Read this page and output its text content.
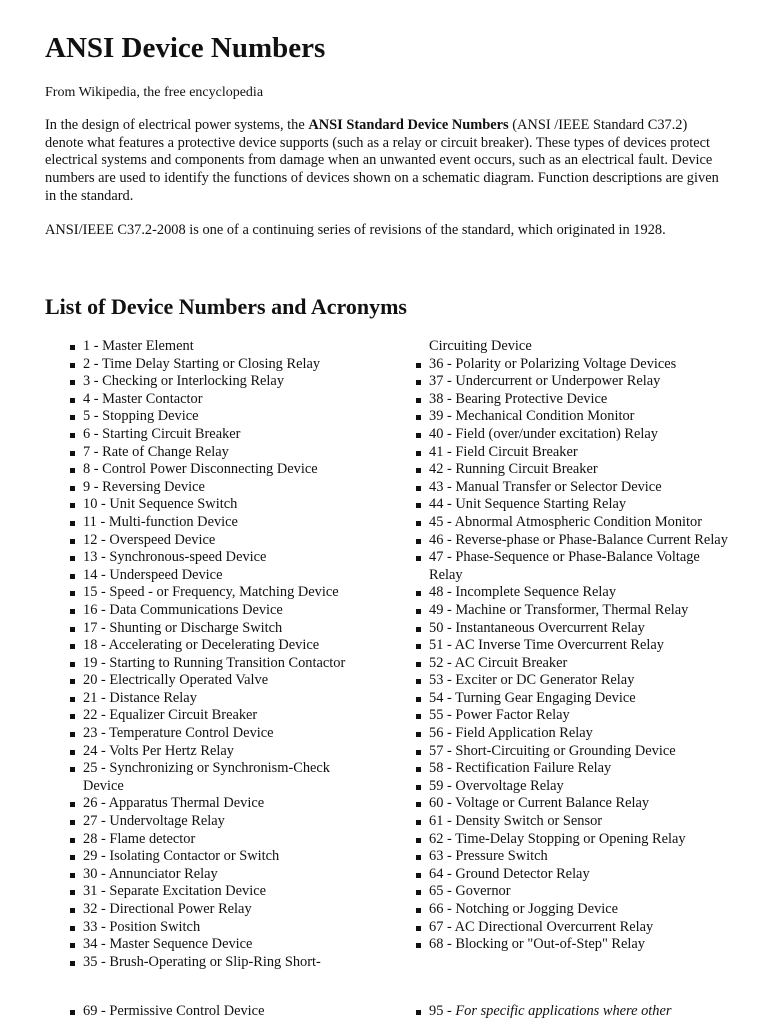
ANSI Device Numbers

From Wikipedia, the free encyclopedia

In the design of electrical power systems, the ANSI Standard Device Numbers (ANSI /IEEE Standard C37.2) denote what features a protective device supports (such as a relay or circuit breaker). These types of devices protect electrical systems and components from damage when an unwanted event occurs, such as an electrical fault. Device numbers are used to identify the functions of devices shown on a schematic diagram. Function descriptions are given in the standard.

ANSI/IEEE C37.2-2008 is one of a continuing series of revisions of the standard, which originated in 1928.

List of Device Numbers and Acronyms
1 - Master Element
2 - Time Delay Starting or Closing Relay
3 - Checking or Interlocking Relay
4 - Master Contactor
5 - Stopping Device
6 - Starting Circuit Breaker
7 - Rate of Change Relay
8 - Control Power Disconnecting Device
9 - Reversing Device
10 - Unit Sequence Switch
11 - Multi-function Device
12 - Overspeed Device
13 - Synchronous-speed Device
14 - Underspeed Device
15 - Speed - or Frequency, Matching Device
16 - Data Communications Device
17 - Shunting or Discharge Switch
18 - Accelerating or Decelerating Device
19 - Starting to Running Transition Contactor
20 - Electrically Operated Valve
21 - Distance Relay
22 - Equalizer Circuit Breaker
23 - Temperature Control Device
24 - Volts Per Hertz Relay
25 - Synchronizing or Synchronism-Check Device
26 - Apparatus Thermal Device
27 - Undervoltage Relay
28 - Flame detector
29 - Isolating Contactor or Switch
30 - Annunciator Relay
31 - Separate Excitation Device
32 - Directional Power Relay
33 - Position Switch
34 - Master Sequence Device
35 - Brush-Operating or Slip-Ring Short-
Circuiting Device
36 - Polarity or Polarizing Voltage Devices
37 - Undercurrent or Underpower Relay
38 - Bearing Protective Device
39 - Mechanical Condition Monitor
40 - Field (over/under excitation) Relay
41 - Field Circuit Breaker
42 - Running Circuit Breaker
43 - Manual Transfer or Selector Device
44 - Unit Sequence Starting Relay
45 - Abnormal Atmospheric Condition Monitor
46 - Reverse-phase or Phase-Balance Current Relay
47 - Phase-Sequence or Phase-Balance Voltage Relay
48 - Incomplete Sequence Relay
49 - Machine or Transformer, Thermal Relay
50 - Instantaneous Overcurrent Relay
51 - AC Inverse Time Overcurrent Relay
52 - AC Circuit Breaker
53 - Exciter or DC Generator Relay
54 - Turning Gear Engaging Device
55 - Power Factor Relay
56 - Field Application Relay
57 - Short-Circuiting or Grounding Device
58 - Rectification Failure Relay
59 - Overvoltage Relay
60 - Voltage or Current Balance Relay
61 - Density Switch or Sensor
62 - Time-Delay Stopping or Opening Relay
63 - Pressure Switch
64 - Ground Detector Relay
65 - Governor
66 - Notching or Jogging Device
67 - AC Directional Overcurrent Relay
68 - Blocking or "Out-of-Step" Relay
69 - Permissive Control Device	95 - For specific applications where other
